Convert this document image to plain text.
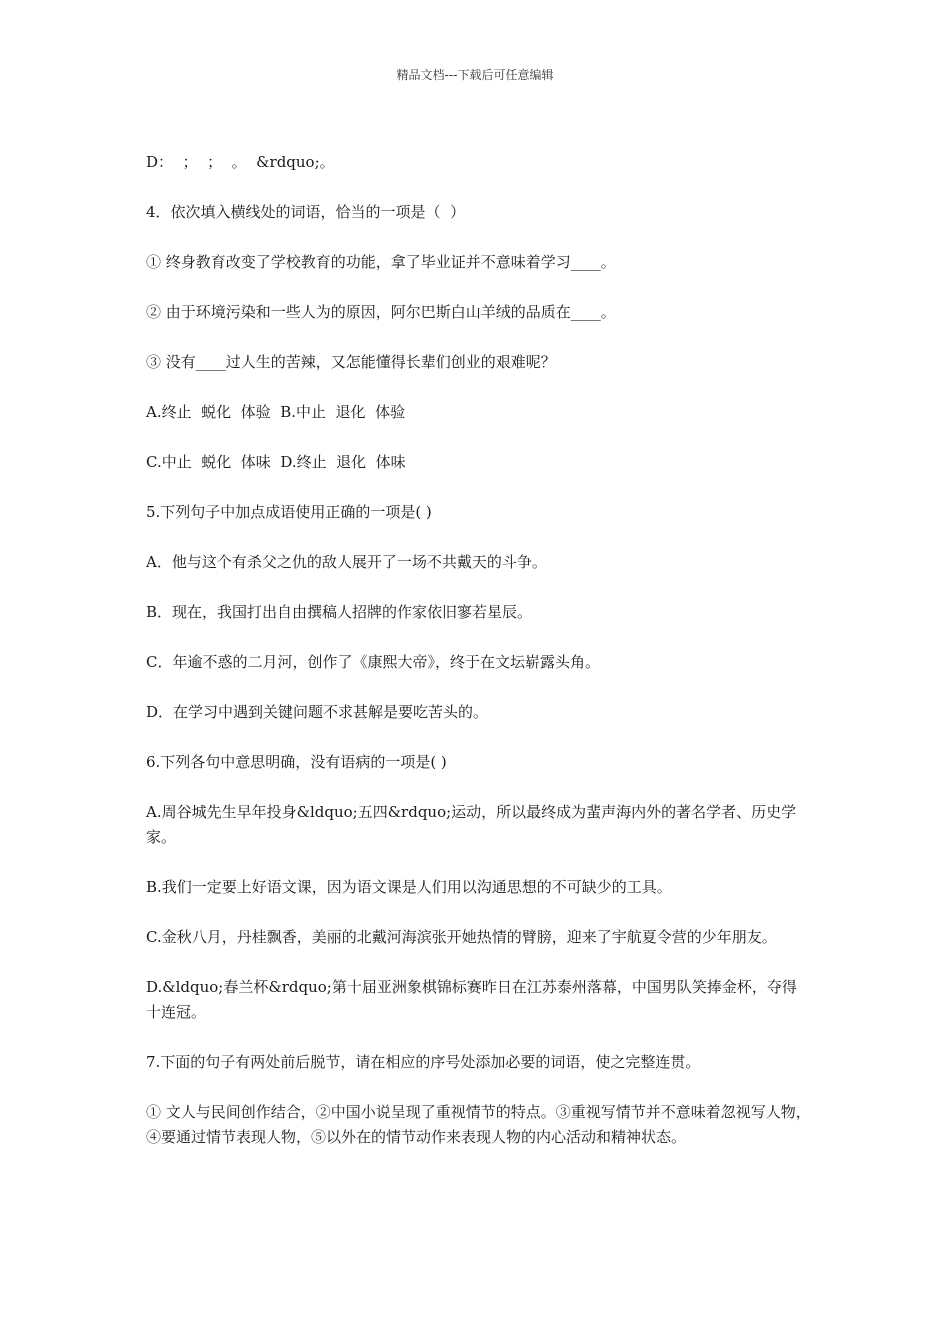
精品文档---下载后可任意编辑

D：  ；  ；  。  &rdquo;。

4．依次填入横线处的词语，恰当的一项是（  ）

① 终身教育改变了学校教育的功能，拿了毕业证并不意味着学习____。

② 由于环境污染和一些人为的原因，阿尔巴斯白山羊绒的品质在____。

③ 没有____过人生的苦辣，又怎能懂得长辈们创业的艰难呢？

A.终止  蜕化  体验  B.中止  退化  体验

C.中止  蜕化  体味  D.终止  退化  体味

5.下列句子中加点成语使用正确的一项是( )

A．他与这个有杀父之仇的敌人展开了一场不共戴天的斗争。

B．现在，我国打出自由撰稿人招牌的作家依旧寥若星辰。

C．年逾不惑的二月河，创作了《康熙大帝》，终于在文坛崭露头角。

D．在学习中遇到关键问题不求甚解是要吃苦头的。

6.下列各句中意思明确，没有语病的一项是( )

A.周谷城先生早年投身&ldquo;五四&rdquo;运动，所以最终成为蜚声海内外的著名学者、历史学家。

B.我们一定要上好语文课，因为语文课是人们用以沟通思想的不可缺少的工具。

C.金秋八月，丹桂飘香，美丽的北戴河海滨张开她热情的臂膀，迎来了宇航夏令营的少年朋友。

D.&ldquo;春兰杯&rdquo;第十届亚洲象棋锦标赛昨日在江苏泰州落幕，中国男队笑捧金杯，夺得十连冠。

7.下面的句子有两处前后脱节，请在相应的序号处添加必要的词语，使之完整连贯。

① 文人与民间创作结合，②中国小说呈现了重视情节的特点。③重视写情节并不意味着忽视写人物，④要通过情节表现人物，⑤以外在的情节动作来表现人物的内心活动和精神状态。
